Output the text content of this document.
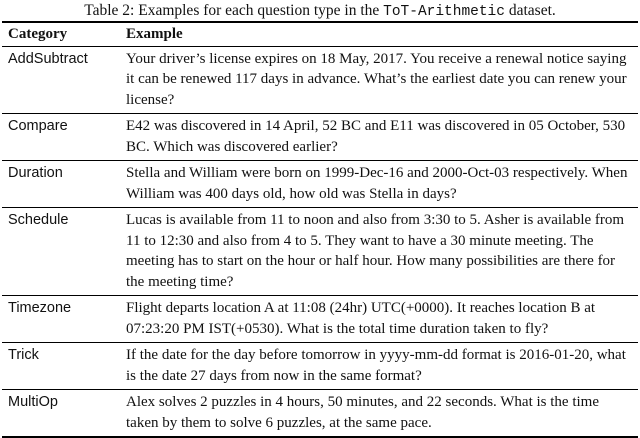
Table 2: Examples for each question type in the ToT-Arithmetic dataset.
Category	Example
AddSubtract	Your driver’s license expires on 18 May, 2017. You receive a renewal notice saying it can be renewed 117 days in advance. What’s the earliest date you can renew your license?
Compare	E42 was discovered in 14 April, 52 BC and E11 was discovered in 05 October, 530 BC. Which was discovered earlier?
Duration	Stella and William were born on 1999-Dec-16 and 2000-Oct-03 respectively. When William was 400 days old, how old was Stella in days?
Schedule	Lucas is available from 11 to noon and also from 3:30 to 5. Asher is available from 11 to 12:30 and also from 4 to 5. They want to have a 30 minute meeting. The meeting has to start on the hour or half hour. How many possibilities are there for the meeting time?
Timezone	Flight departs location A at 11:08 (24hr) UTC(+0000). It reaches location B at 07:23:20 PM IST(+0530). What is the total time duration taken to fly?
Trick	If the date for the day before tomorrow in yyyy-mm-dd format is 2016-01-20, what is the date 27 days from now in the same format?
MultiOp	Alex solves 2 puzzles in 4 hours, 50 minutes, and 22 seconds. What is the time taken by them to solve 6 puzzles, at the same pace.
